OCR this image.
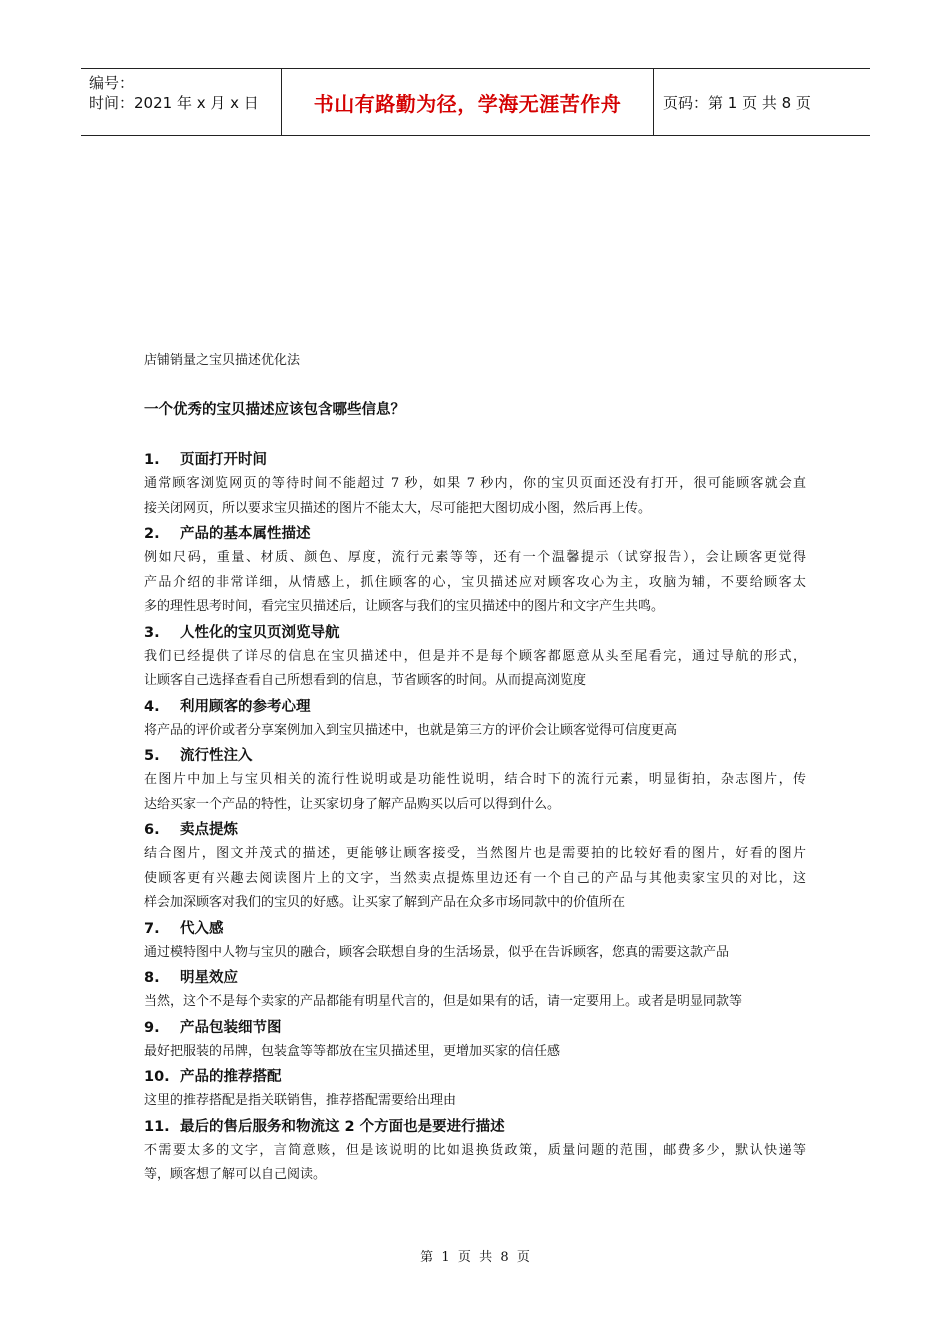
编号：
时间：2021 年 x 月 x 日	书山有路勤为径，学海无涯苦作舟	页码：第 1 页 共 8 页
店铺销量之宝贝描述优化法
一个优秀的宝贝描述应该包含哪些信息？
1. 页面打开时间
通常顾客浏览网页的等待时间不能超过 7 秒，如果 7 秒内，你的宝贝页面还没有打开，很可能顾客就会直
接关闭网页，所以要求宝贝描述的图片不能太大，尽可能把大图切成小图，然后再上传。
2. 产品的基本属性描述
例如尺码，重量、材质、颜色、厚度，流行元素等等，还有一个温馨提示（试穿报告），会让顾客更觉得
产品介绍的非常详细，从情感上，抓住顾客的心，宝贝描述应对顾客攻心为主，攻脑为辅，不要给顾客太
多的理性思考时间，看完宝贝描述后，让顾客与我们的宝贝描述中的图片和文字产生共鸣。
3. 人性化的宝贝页浏览导航
我们已经提供了详尽的信息在宝贝描述中，但是并不是每个顾客都愿意从头至尾看完，通过导航的形式，
让顾客自己选择查看自己所想看到的信息，节省顾客的时间。从而提高浏览度
4. 利用顾客的参考心理
将产品的评价或者分享案例加入到宝贝描述中，也就是第三方的评价会让顾客觉得可信度更高
5. 流行性注入
在图片中加上与宝贝相关的流行性说明或是功能性说明，结合时下的流行元素，明显街拍，杂志图片，传
达给买家一个产品的特性，让买家切身了解产品购买以后可以得到什么。
6. 卖点提炼
结合图片，图文并茂式的描述，更能够让顾客接受，当然图片也是需要拍的比较好看的图片，好看的图片
使顾客更有兴趣去阅读图片上的文字，当然卖点提炼里边还有一个自己的产品与其他卖家宝贝的对比，这
样会加深顾客对我们的宝贝的好感。让买家了解到产品在众多市场同款中的价值所在
7. 代入感
通过模特图中人物与宝贝的融合，顾客会联想自身的生活场景，似乎在告诉顾客，您真的需要这款产品
8. 明星效应
当然，这个不是每个卖家的产品都能有明星代言的，但是如果有的话，请一定要用上。或者是明显同款等
9. 产品包装细节图
最好把服装的吊牌，包装盒等等都放在宝贝描述里，更增加买家的信任感
10. 产品的推荐搭配
这里的推荐搭配是指关联销售，推荐搭配需要给出理由
11. 最后的售后服务和物流这 2 个方面也是要进行描述
不需要太多的文字，言简意赅，但是该说明的比如退换货政策，质量问题的范围，邮费多少，默认快递等
等，顾客想了解可以自己阅读。
第  1  页  共  8  页
